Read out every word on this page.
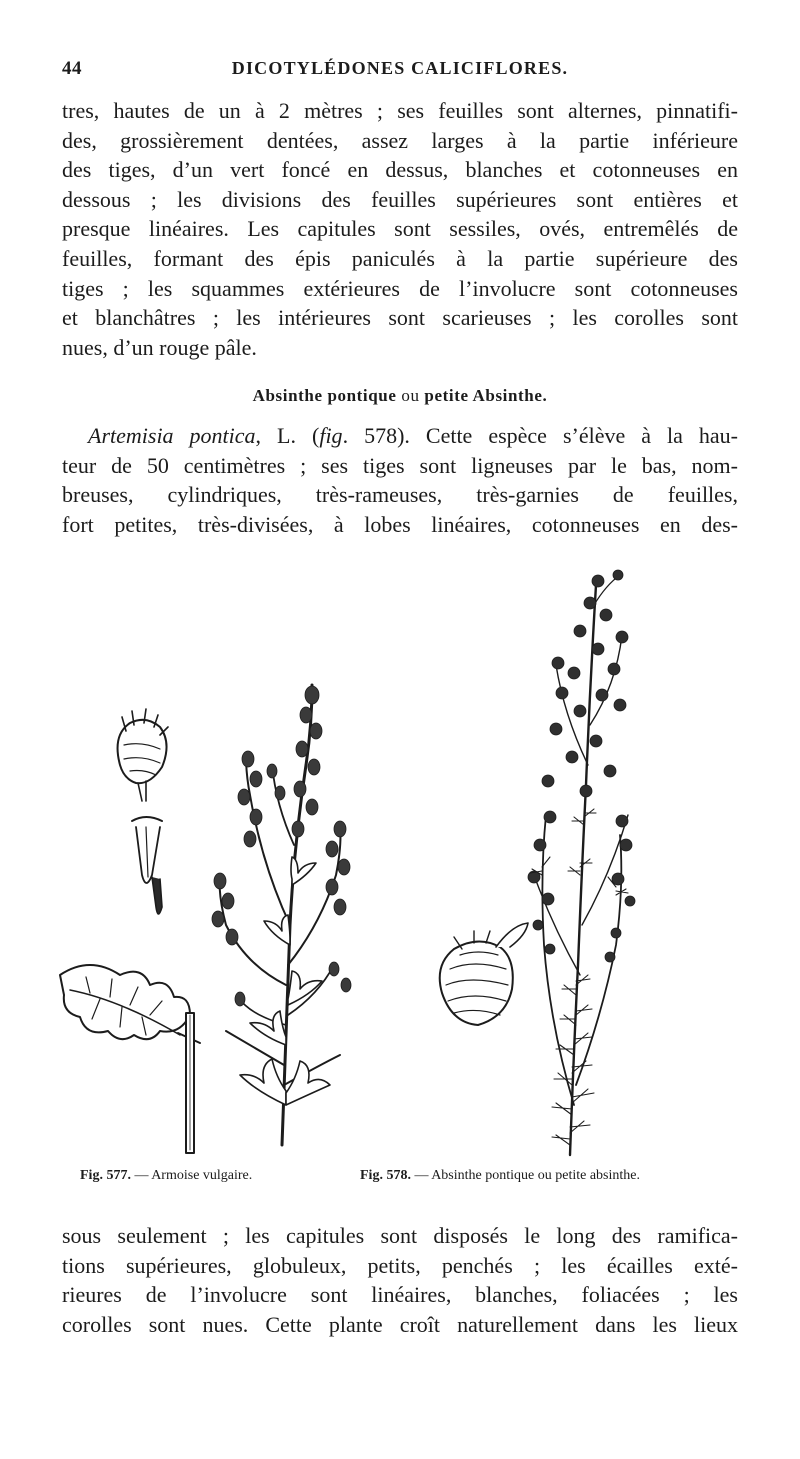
44	DICOTYLÉDONES CALICIFLORES.
tres, hautes de un à 2 mètres ; ses feuilles sont alternes, pinnatifi-
des, grossièrement dentées, assez larges à la partie inférieure
des tiges, d’un vert foncé en dessus, blanches et cotonneuses en
dessous ; les divisions des feuilles supérieures sont entières et
presque linéaires. Les capitules sont sessiles, ovés, entremêlés de
feuilles, formant des épis paniculés à la partie supérieure des
tiges ; les squammes extérieures de l’involucre sont cotonneuses
et blanchâtres ; les intérieures sont scarieuses ; les corolles sont
nues, d’un rouge pâle.
Absinthe pontique ou petite Absinthe.
Artemisia pontica, L. (fig. 578). Cette espèce s’élève à la hau-
teur de 50 centimètres ; ses tiges sont ligneuses par le bas, nom-
breuses, cylindriques, très-rameuses, très-garnies de feuilles,
fort petites, très-divisées, à lobes linéaires, cotonneuses en des-
Fig. 577. — Armoise vulgaire.	Fig. 578. — Absinthe pontique ou petite absinthe.
sous seulement ; les capitules sont disposés le long des ramifica-
tions supérieures, globuleux, petits, penchés ; les écailles exté-
rieures de l’involucre sont linéaires, blanches, foliacées ; les
corolles sont nues. Cette plante croît naturellement dans les lieux
